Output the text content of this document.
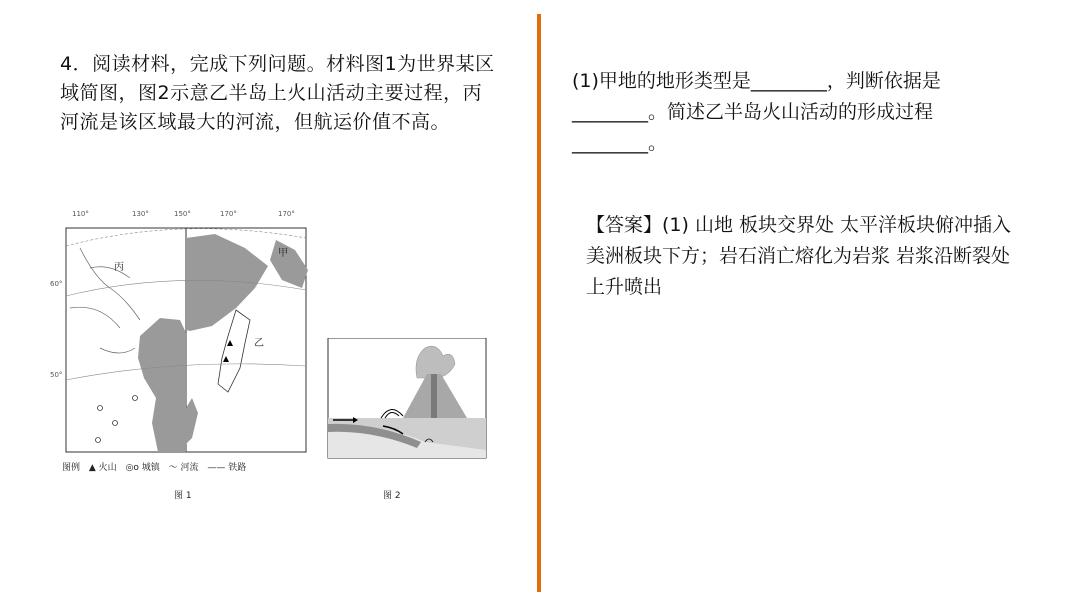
4．阅读材料，完成下列问题。材料图1为世界某区域简图，图2示意乙半岛上火山活动主要过程，丙河流是该区域最大的河流，但航运价值不高。
110°	130°	150°	170°	170°
60°
50°
丙
甲
乙
图例 ▲ 火山 ◎o 城镇 ～ 河流 —— 铁路
图 1	图 2
(1)甲地的地形类型是________，判断依据是________。简述乙半岛火山活动的形成过程________。
【答案】(1) 山地 板块交界处 太平洋板块俯冲插入美洲板块下方；岩石消亡熔化为岩浆 岩浆沿断裂处上升喷出
